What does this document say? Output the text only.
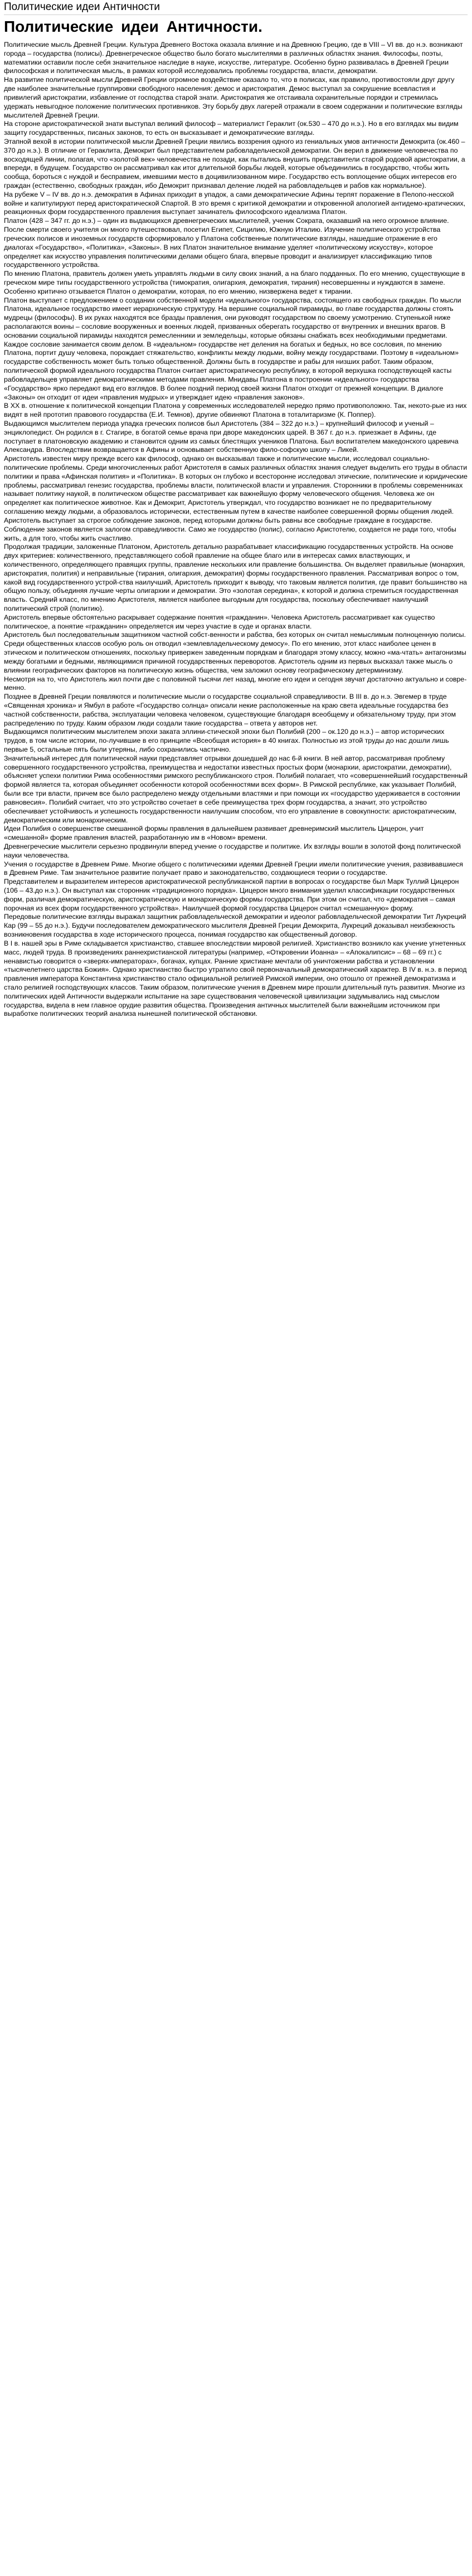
Политические идеи Античности
Политические идеи Античности.

Политические мысль Древней Греции. Культура Древнего Востока оказала влияние и на Древнюю Грецию, где в VIII – VI вв. до н.э. возникают города – государства (полисы). Древнегреческое общество было богато мыслителями в различных областях знания. Философы, поэты, математики оставили после себя значительное наследие в науке, искусстве, литературе. Особенно бурно развивалась в Древней Греции философская и политическая мысль, в рамках которой исследовались проблемы государства, власти, демократии.

На развитие политической мысли Древней Греции огромное воздействие оказало то, что в полисах, как правило, противостояли друг другу две наиболее значительные группировки свободного населения: демос и аристократия. Демос выступал за сокрушение всевластия и привилегий аристократии, избавление от господства старой знати. Аристократия же отстаивала охранительные порядки и стремилась удержать невыгодное положение политических противников. Эту борьбу двух лагерей отражали в своем содержании и политические взгляды мыслителей Древней Греции.

На стороне аристократической знати выступал великий философ – материалист Гераклит (ок.530 – 470 до н.э.). Но в его взглядах мы видим защиту государственных, писаных законов, то есть он высказывает и демократические взгляды.

Этапной вехой в истории политической мысли Древней Греции явились воззрения одного из гениальных умов античности Демокрита (ок.460 – 370 до н.э.). В отличие от Гераклита, Демокрит был представителем рабовладельческой демократии. Он верил в движение человечества по восходящей линии, полагая, что «золотой век» человечества не позади, как пытались внушить представители старой родовой аристократии, а впереди, в будущем. Государство он рассматривал как итог длительной борьбы людей, которые объединились в государство, чтобы жить сообща, бороться с нуждой и бесправием, имевшими место в доцивилизованном мире. Государство есть воплощение общих интересов его граждан (естественно, свободных граждан, ибо Демокрит признавал деление людей на рабовладельцев и рабов как нормальное).

На рубеже V – IV вв. до н.э. демократия в Афинах приходит в упадок, а сами демократические Афины терпят поражение в Пелопо-несской войне и капитулируют перед аристократической Спартой. В это время с критикой демократии и откровенной апологией антидемо-кратических, реакционных форм государственного правления выступает зачинатель философского идеализма Платон.

Платон (428 – 347 гг. до н.э.) – один из выдающихся древнегреческих мыслителей, ученик Сократа, оказавший на него огромное влияние. После смерти своего учителя он много путешествовал, посетил Египет, Сицилию, Южную Италию. Изучение политического устройства греческих полисов и иноземных государств сформировало у Платона собственные политические взгляды, нашедшие отражение в его диалогах «Государство», «Политика», «Законы». В них Платон значительное внимание уделяет «политическому искусству», которое определяет как искусство управления политическими делами общего блага, впервые проводит и анализирует классификацию типов государственного устройства.

По мнению Платона, правитель должен уметь управлять людьми в силу своих знаний, а на благо подданных. По его мнению, существующие в греческом мире типы государственного устройства (тимократия, олигархия, демократия, тирания) несовершенны и нуждаются в замене. Особенно критично отзывается Платон о демократии, которая, по его мнению, низвержена ведет к тирании.

Платон выступает с предложением о создании собственной модели «идеального» государства, состоящего из свободных граждан. По мысли Платона, идеальное государство имеет иерархическую структуру. На вершине социальной пирамиды, во главе государства должны стоять мудрецы (философы). В их руках находятся все бразды правления, они руководят государством по своему усмотрению. Ступенькой ниже располагаются воины – сословие вооруженных и военных людей, призванных оберегать государство от внутренних и внешних врагов. В основании социальной пирамиды находятся ремесленники и земледельцы, которые обязаны снабжать всех необходимыми предметами. Каждое сословие занимается своим делом. В «идеальном» государстве нет деления на богатых и бедных, но все сословия, по мнению Платона, портит душу человека, порождает стяжательство, конфликты между людьми, войну между государствами. Поэтому в «идеальном» государстве собственность может быть только общественной. Должны быть в государстве и рабы для низших работ. Таким образом, политической формой идеального государства Платон считает аристократическую республику, в которой верхушка господствующей касты рабовладельцев управляет демократическими методами правления. Мнидавы Платона в построении «идеального» государства «Государство» ярко передают вид его взглядов. В более поздний период своей жизни Платон отходит от прежней концепции. В диалоге «Законы» он отходит от идеи «правления мудрых» и утверждает идею «правления законов».

В XX в. отношение к политической концепции Платона у современных исследователей нередко прямо противоположно. Так, некото-рые из них видят в ней прототип правового государства (Е.И. Темнов), другие обвиняют Платона в тоталитаризме (К. Поппер).

Выдающимся мыслителем периода упадка греческих полисов был Аристотель (384 – 322 до н.э.) – крупнейший философ и ученый – энциклопедист. Он родился в г. Стагире, в богатой семье врача при дворе македонских царей. В 367 г. до н.э. приезжает в Афины, где поступает в платоновскую академию и становится одним из самых блестящих учеников Платона. Был воспитателем македонского царевича Александра. Впоследствии возвращается в Афины и основывает собственную фило-софскую школу – Ликей.

Аристотель известен миру прежде всего как философ, однако он высказывал также и политические мысли, исследовал социально-политические проблемы. Среди многочисленных работ Аристотеля в самых различных областях знания следует выделить его труды в области политики и права «Афинская полития» и «Политика». В которых он глубоко и всесторонне исследовал этические, политические и юридические проблемы, рассматривал генезис государства, проблемы власти, политической власти и управления. Сторонники в проблемы современниках называет политику наукой, в политическом обществе рассматривает как важнейшую форму человеческого общения. Человека же он определяет как политическое животное. Как и Демокрит, Аристотель утверждал, что государство возникает не по предварительному соглашению между людьми, а образовалось исторически, естественным путем в качестве наиболее совершенной формы общения людей. Аристотель выступает за строгое соблюдение законов, перед которыми должны быть равны все свободные граждане в государстве. Соблюдение законов является залогом справедливости. Само же государство (полис), согласно Аристотелю, создается не ради того, чтобы жить, а для того, чтобы жить счастливо.

Продолжая традиции, заложенные Платоном, Аристотель детально разрабатывает классификацию государственных устройств. На основе двух критериев: количественного, представляющего собой правление на общее благо или в интересах самих властвующих, и количественного, определяющего правящих группы, правление нескольких или правление большинства. Он выделяет правильные (монархия, аристократия, полития) и неправильные (тирания, олигархия, демократия) формы государственного правления. Рассматривая вопрос о том, какой вид государственного устрой-ства наилучший, Аристотель приходит к выводу, что таковым является полития, где правит большинство на общую пользу, объединяя лучшие черты олигархии и демократии. Это «золотая середина», к которой и должна стремиться государственная власть. Средний класс, по мнению Аристотеля, является наиболее выгодным для государства, поскольку обеспечивает наилучший политический строй (политию).

Аристотель впервые обстоятельно раскрывает содержание понятия «гражданин». Человека Аристотель рассматривает как существо политическое, а понятие «гражданин» определяется им через участие в суде и органах власти.

Аристотель был последовательным защитником частной собст-венности и рабства, без которых он считал немыслимым полноценную полисы. Среди общественных классов особую роль он отводил «землевладельческому демосу». По его мнению, этот класс наиболее ценен в этическом и политическом отношениях, поскольку привержен заведенным порядкам и благодаря этому классу, можно «ма-чтать» антагонизмы между богатыми и бедными, являющимися причиной государственных переворотов. Аристотель одним из первых высказал также мысль о влиянии географических факторов на политическую жизнь общества, чем заложил основу географическому детерминизму.

Несмотря на то, что Аристотель жил почти две с половиной тысячи лет назад, многие его идеи и сегодня звучат достаточно актуально и совре-менно.

Позднее в Древней Греции появляются и политические мысли о государстве социальной справедливости. В III в. до н.э. Эвгемер в труде «Священная хроника» и Ямбул в работе «Государство солнца» описали некие расположенные на краю света идеальные государства без частной собственности, рабства, эксплуатации человека человеком, существующие благодаря всеобщему и обязательному труду, при этом распределению по труду. Каким образом люди создали такие государства – ответа у авторов нет.

Выдающимся политическим мыслителем эпохи заката эллини-стической эпохи был Полибий (200 – ок.120 до н.э.) – автор исторических трудов, в том числе истории, по-лучившие в его принципе «Всеобщая история» в 40 книгах. Полностью из этой труды до нас дошли лишь первые 5, остальные пять были утеряны, либо сохранились частично.

Значительный интерес для политической науки представляет отрывки дошедшей до нас 6-й книги. В ней автор, рассматривая проблему совершенного государственного устройства, преимущества и недостатки известных простых форм (монархии, аристократии, демократии), объясняет успехи политики Рима особенностями римского республиканского строя. Полибий полагает, что «совершеннейший государственный формой является та, которая объединяет особенности которой особенностями всех форм». В Римской республике, как указывает Полибий, были все три власти, причем все было распределено между отдельными властями и при помощи их «государство удерживается в состоянии равновесия». Полибий считает, что это устройство сочетает в себе преимущества трех форм государства, а значит, это устройство обеспечивает устойчивость и успешность государственности наилучшим способом, что его управление в совокупности: аристократическим, демократическим или монархическим.

Идеи Полибия о совершенстве смешанной формы правления в дальнейшем развивает древнеримский мыслитель Цицерон, учит «смешанной» форме правления властей, разработанную им в «Новом» времени.

Древнегреческие мыслители серьезно продвинули вперед учение о государстве и политике. Их взгляды вошли в золотой фонд политической науки человечества.

Учения о государстве в Древнем Риме. Многие общего с политическими идеями Древней Греции имели политические учения, развивавшиеся в Древнем Риме. Там значительное развитие получает право и законодательство, создающиеся теории о государстве.

Представителем и выразителем интересов аристократической республиканской партии в вопросах о государстве был Марк Туллий Цицерон (106 – 43.до н.э.). Он выступал как сторонник «традиционного порядка». Цицерон много внимания уделил классификации государственных форм, различая демократическую, аристократическую и монархическую формы государства. При этом он считал, что «демократия – самая порочная из всех форм государственного устройства». Наилучшей формой государства Цицерон считал «смешанную» форму.

Передовые политические взгляды выражал защитник рабовладельческой демократии и идеолог рабовладельческой демократии Тит Лукреций Кар (99 – 55 до н.э.). Будучи последователем демократического мыслителя Древней Греции Демокрита, Лукреций доказывал неизбежность возникновения государства в ходе исторического процесса, понимая государство как общественный договор.

В I в. нашей эры в Риме складывается христианство, ставшее впоследствии мировой религией. Христианство возникло как учение угнетенных масс, людей труда. В произведениях раннехристианской литературы (например, «Откровении Иоанна» – «Апокалипсис» – 68 – 69 гг.) с ненавистью говорится о «зверях-императорах», богачах, купцах. Ранние христиане мечтали об уничтожении рабства и установлении «тысячелетнего царства Божия». Однако христианство быстро утратило свой первоначальный демократический характер. В IV в. н.э. в период правления императора Константина христианство стало официальной религией Римской империи, оно отошло от прежней демократизма и стало религией господствующих классов. Таким образом, политические учения в Древнем мире прошли длительный путь развития. Многие из политических идей Античности выдержали испытание на заре существования человеческой цивилизации задумывались над смыслом государства, видела в нем главное орудие развития общества. Произведения античных мыслителей были важнейшим источником при выработке политических теорий анализа нынешней политической обстановки.
